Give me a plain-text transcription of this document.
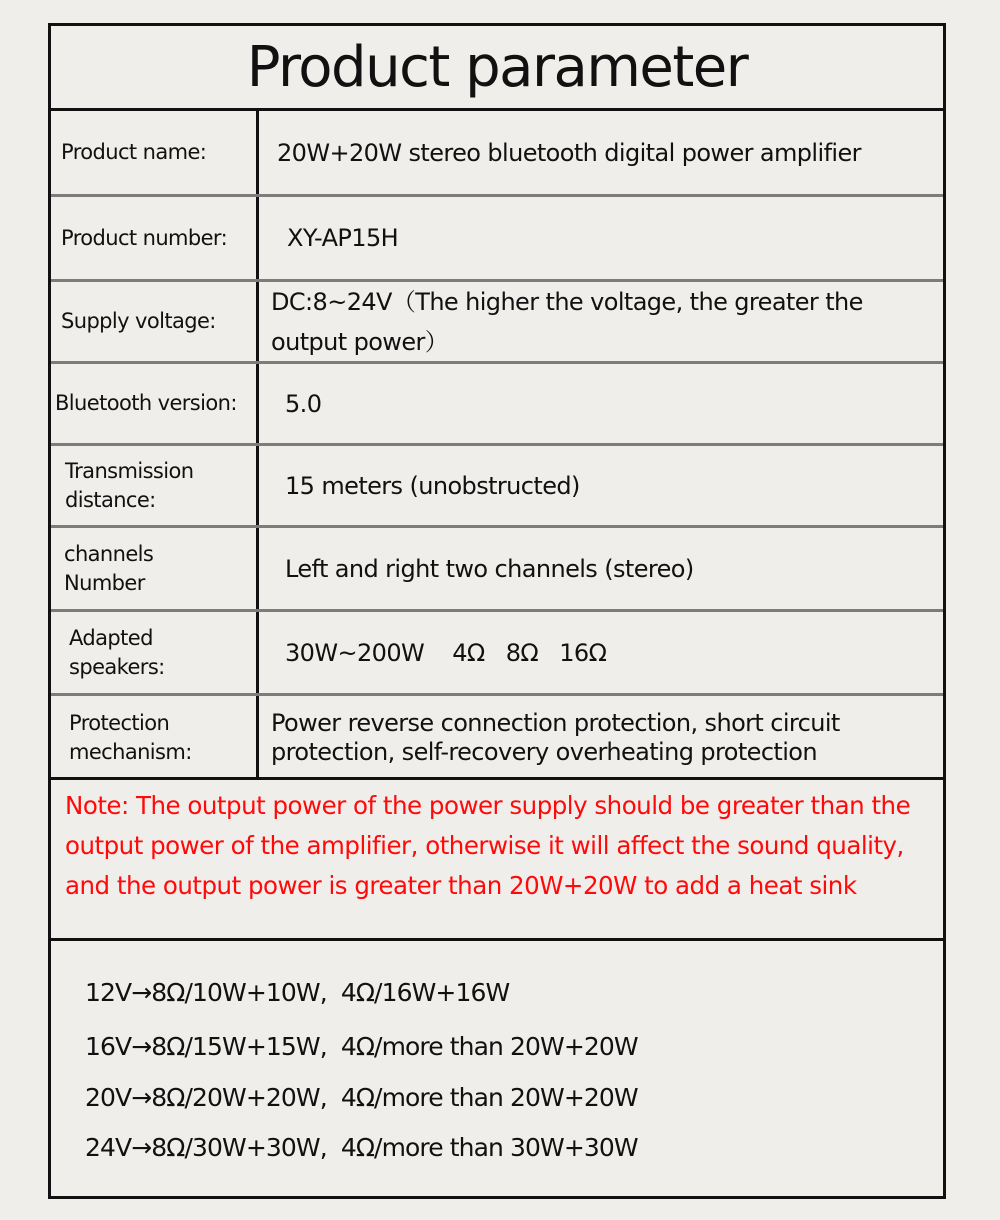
Product parameter
Product name:	20W+20W stereo bluetooth digital power amplifier
Product number:	XY-AP15H
Supply voltage:
DC:8~24V（The higher the voltage, the greater the output power）
Bluetooth version:	5.0
Transmission distance:	15 meters (unobstructed)
channels Number	Left and right two channels (stereo)
Adapted speakers:	30W~200W    4Ω   8Ω   16Ω
Protection mechanism:
Power reverse connection protection, short circuit protection, self-recovery overheating protection
Note: The output power of the power supply should be greater than the output power of the amplifier, otherwise it will affect the sound quality, and the output power is greater than 20W+20W to add a heat sink
12V→8Ω/10W+10W,  4Ω/16W+16W
16V→8Ω/15W+15W,  4Ω/more than 20W+20W
20V→8Ω/20W+20W,  4Ω/more than 20W+20W
24V→8Ω/30W+30W,  4Ω/more than 30W+30W
